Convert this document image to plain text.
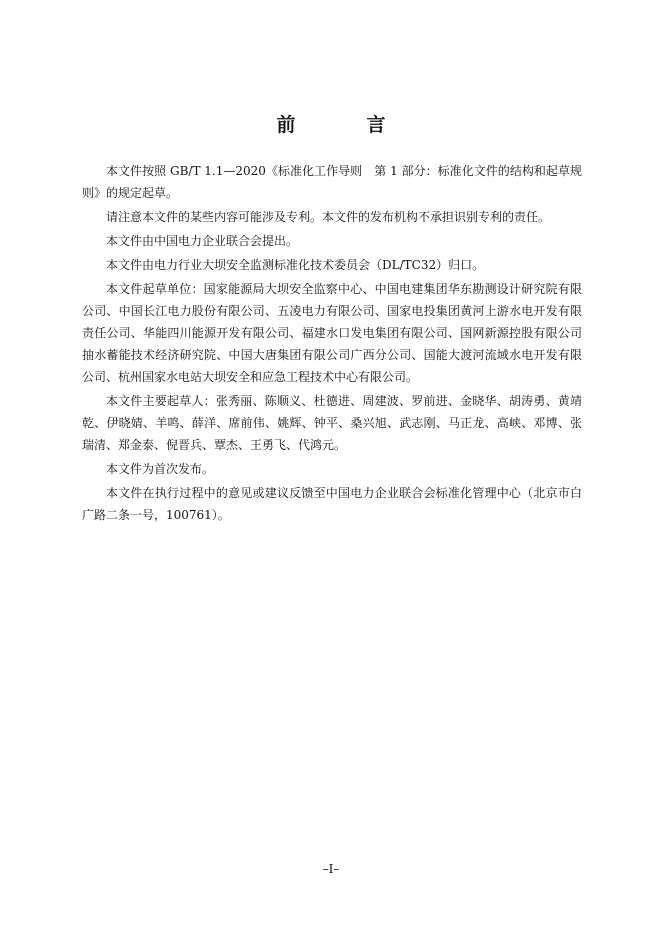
前　言

本文件按照 GB/T 1.1—2020《标准化工作导则　第 1 部分：标准化文件的结构和起草规则》的规定起草。

请注意本文件的某些内容可能涉及专利。本文件的发布机构不承担识别专利的责任。

本文件由中国电力企业联合会提出。

本文件由电力行业大坝安全监测标准化技术委员会（DL/TC32）归口。

本文件起草单位：国家能源局大坝安全监察中心、中国电建集团华东勘测设计研究院有限公司、中国长江电力股份有限公司、五凌电力有限公司、国家电投集团黄河上游水电开发有限责任公司、华能四川能源开发有限公司、福建水口发电集团有限公司、国网新源控股有限公司抽水蓄能技术经济研究院、中国大唐集团有限公司广西分公司、国能大渡河流域水电开发有限公司、杭州国家水电站大坝安全和应急工程技术中心有限公司。

本文件主要起草人：张秀丽、陈顺义、杜德进、周建波、罗前进、金晓华、胡涛勇、黄靖乾、伊晓婧、羊鸣、薛洋、席前伟、姚辉、钟平、桑兴旭、武志刚、马正龙、高峡、邓博、张瑞清、郑金泰、倪晋兵、覃杰、王勇飞、代鸿元。

本文件为首次发布。

本文件在执行过程中的意见或建议反馈至中国电力企业联合会标准化管理中心（北京市白广路二条一号，100761）。

–I–
